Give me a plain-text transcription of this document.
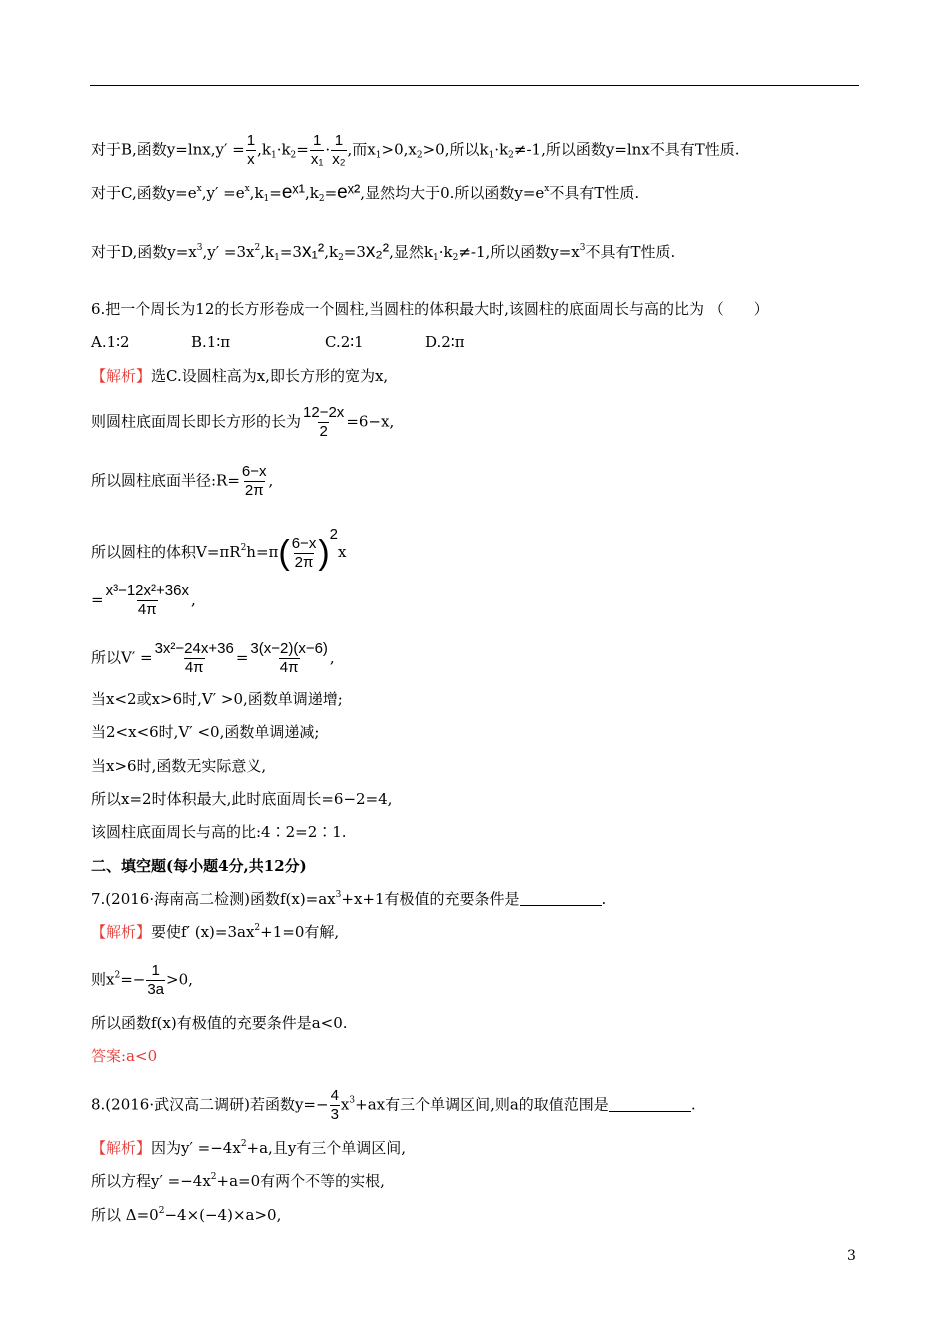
对于B,函数$y=\ln x,y' = \frac{1}{x} ,k_1\cdot k_2= \frac{1}{\text{x₁}} \cdot \frac{1}{\text{x₂}}$ ,而$x_1>0,x_2>0$,所以$k_1\cdot k_2\ne-1$,所以函数y=lnx不具有T性质.
对于C,函数$y=e^x,y'$ $=e^x,k_1=eˣ^1,k_2=eˣ^2$,显然均大于0.所以函数$y=e^x$不具有T性质.
对于D,函数$y=x^3,y' =3x^2,k_1=3x_1^2,k_2=3x_2^2$,显然$k_1\cdot k_2\ne-1$,所以函数$y=x^3$不具有T性质.
6.把一个周长为12的长方形卷成一个圆柱,当圆柱的体积最大时,该圆柱的底面周长与高的比为 （　　）
A.1∶2	B.1∶π	C.2∶1	D.2∶π
【解析】选C.设圆柱高为x,即长方形的宽为x,
则圆柱底面周长即长方形的长为 $\frac{12-2x}{2} =6-x$,
所以圆柱底面半径:R= $\frac{6-x}{2\pi}$ ,
所以圆柱的体积$V=\pi R^2h=\pi( \frac{6-x}{2\pi} )2x$
= $\frac{\text{x³−12x²+36x}}{4\pi}$ ,
所以$V' = \frac{\text{3x²−24x+36}}{4\pi} = \frac{3(x-2)(x-6)}{4\pi}$ ,
当x<2或x>6时,V′ >0,函数单调递增;
当2<x<6时,V′ <0,函数单调递减;
当x>6时,函数无实际意义,
所以x=2时体积最大,此时底面周长=6−2=4,
该圆柱底面周长与高的比:4∶2=2∶1.
二、填空题(每小题4分,共12分)
7.(2016·海南高二检测)函数$f(x)=ax^3+x+1$有极值的充要条件是	.
【解析】要使f′ $(x)=3ax^2+1=0$有解,
则$x^2=- \frac{1}{3a} >0$,
所以函数f(x)有极值的充要条件是a<0.
答案:a<0
8.(2016·武汉高二调研)若函数$y=- \frac{4}{3} x^3+ax$有三个单调区间,则a的取值范围是	.
【解析】因为$y' =-4x^2+a$,且y有三个单调区间,
所以方程$y' =-4x^2+a=0$有两个不等的实根,
所以 $\Delta=0^2-4\times(-4)\times a>0$,
3
